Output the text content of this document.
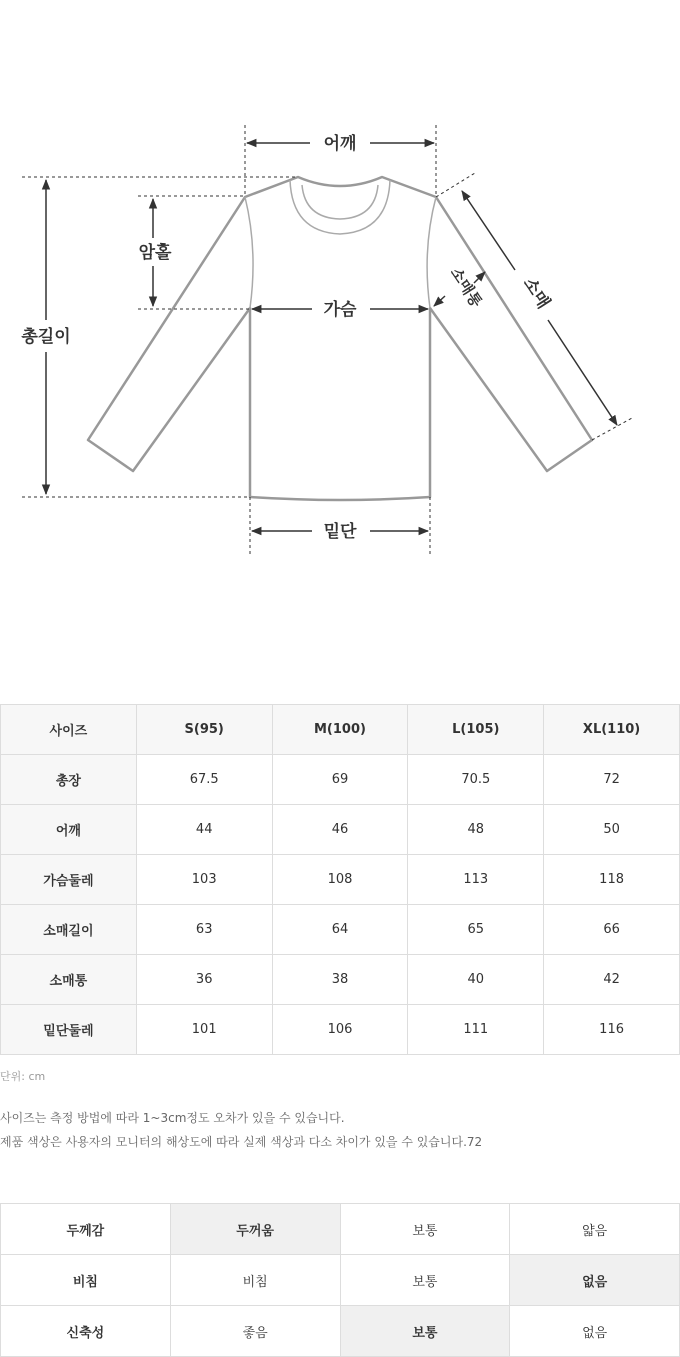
어깨
암홀
총길이
가슴
밑단
소매
소매통
사이즈	S(95)	M(100)	L(105)	XL(110)
총장	67.5	69	70.5	72
어깨	44	46	48	50
가슴둘레	103	108	113	118
소매길이	63	64	65	66
소매통	36	38	40	42
밑단둘레	101	106	111	116
단위: cm
사이즈는 측정 방법에 따라 1~3cm정도 오차가 있을 수 있습니다.
제품 색상은 사용자의 모니터의 해상도에 따라 실제 색상과 다소 차이가 있을 수 있습니다.72
두께감	두꺼움	보통	얇음
비침	비침	보통	없음
신축성	좋음	보통	없음
